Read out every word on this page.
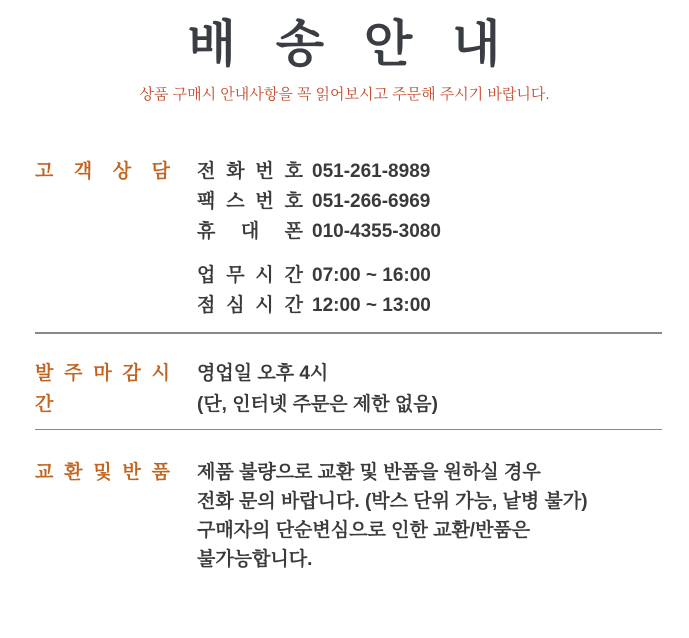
배 송 안 내
상품 구매시 안내사항을 꼭 읽어보시고 주문해 주시기 바랍니다.
고 객 상 담 전 화 번 호 051-261-8989
팩 스 번 호 051-266-6969
휴 대 폰 010-4355-3080
업 무 시 간 07:00 ~ 16:00
점 심 시 간 12:00 ~ 13:00
발 주 마 감 시 간
영업일 오후 4시
(단, 인터넷 주문은 제한 없음)
교 환 및 반 품 제품 불량으로 교환 및 반품을 원하실 경우
전화 문의 바랍니다. (박스 단위 가능, 낱병 불가)
구매자의 단순변심으로 인한 교환/반품은
불가능합니다.
